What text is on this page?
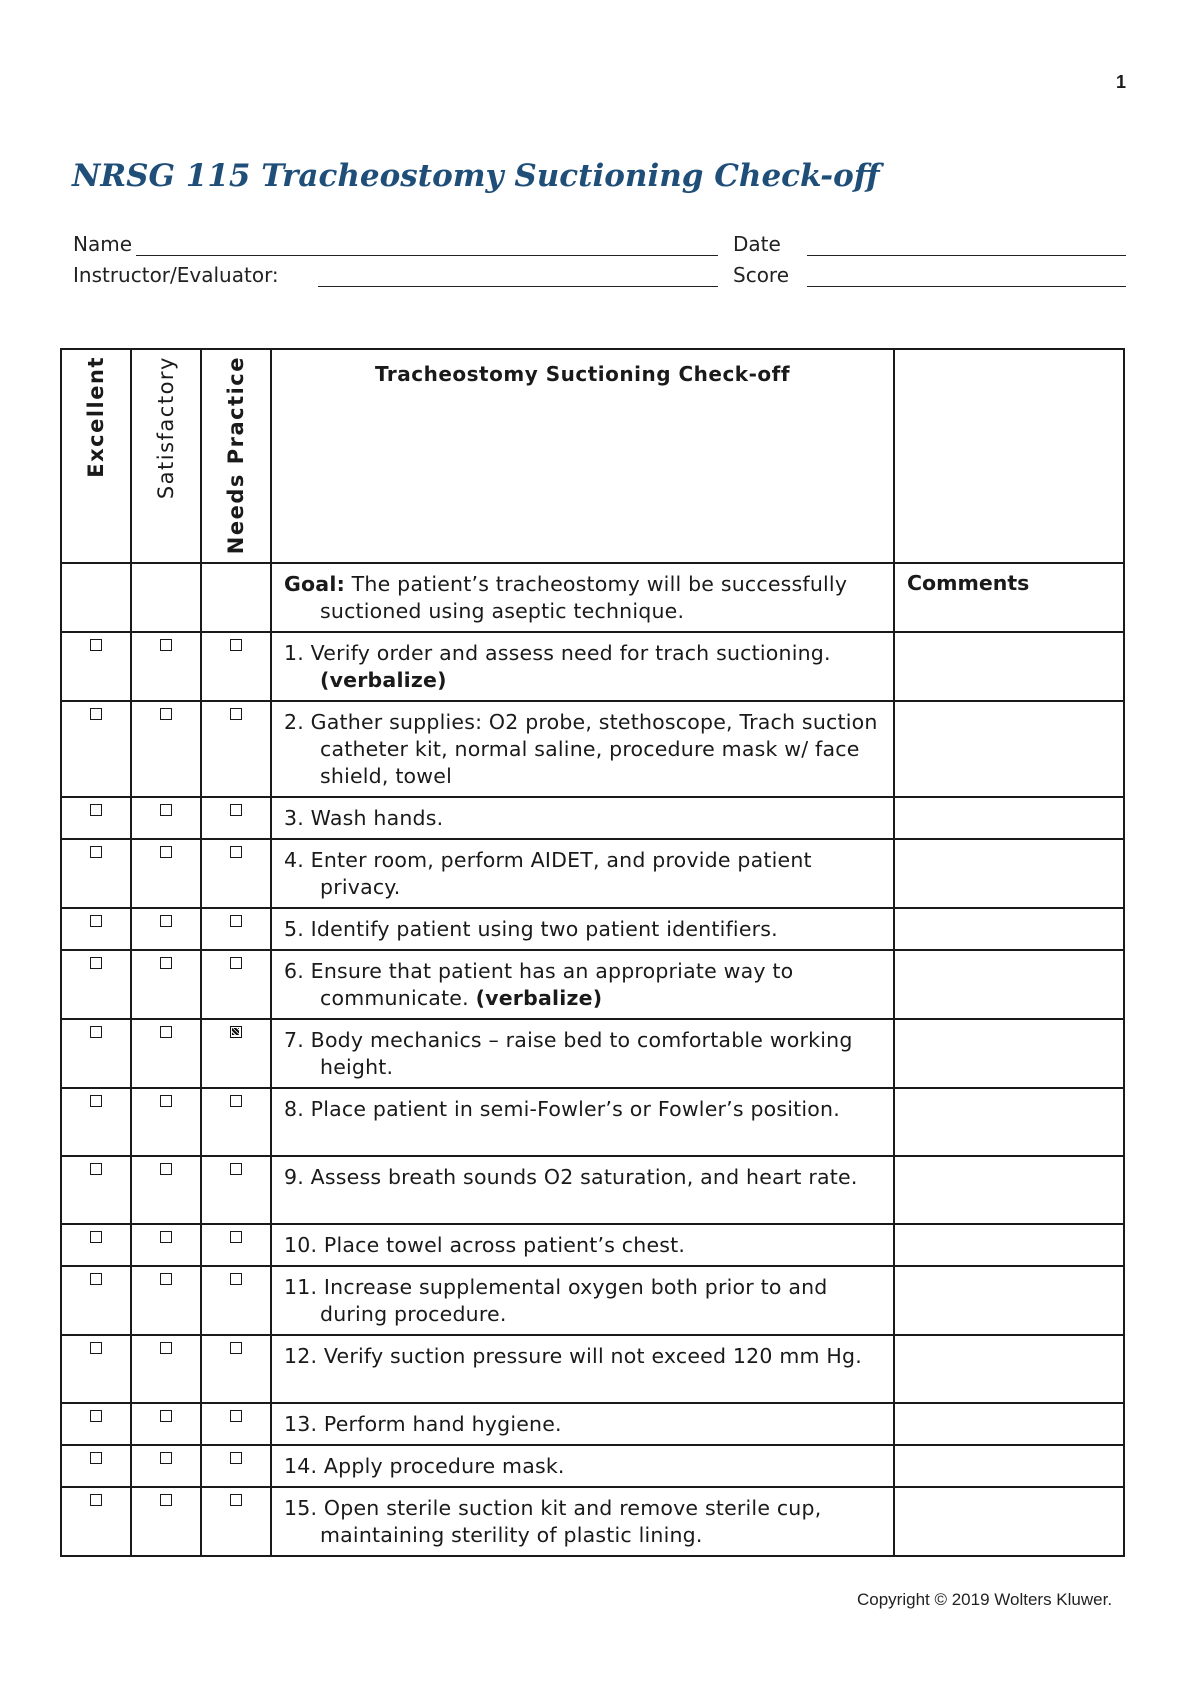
1
NRSG 115 Tracheostomy Suctioning Check-off
Name	Date
Instructor/Evaluator:	Score
Excellent	Satisfactory	Needs Practice	Tracheostomy Suctioning Check-off	

			Goal: The patient’s tracheostomy will be successfully suctioned using aseptic technique.	Comments

			1. Verify order and assess need for trach suctioning. (verbalize)	

			2. Gather supplies: O2 probe, stethoscope, Trach suction catheter kit, normal saline, procedure mask w/ face shield, towel	

			3. Wash hands.	

			4. Enter room, perform AIDET, and provide patient privacy.	

			5. Identify patient using two patient identifiers.	

			6. Ensure that patient has an appropriate way to communicate. (verbalize)	

			7. Body mechanics – raise bed to comfortable working height.	

			8. Place patient in semi-Fowler’s or Fowler’s position.	

			9. Assess breath sounds O2 saturation, and heart rate.	

			10. Place towel across patient’s chest.	

			11. Increase supplemental oxygen both prior to and during procedure.	

			12. Verify suction pressure will not exceed 120 mm Hg.	

			13. Perform hand hygiene.	

			14. Apply procedure mask.	

			15. Open sterile suction kit and remove sterile cup, maintaining sterility of plastic lining.	

Copyright © 2019 Wolters Kluwer.
